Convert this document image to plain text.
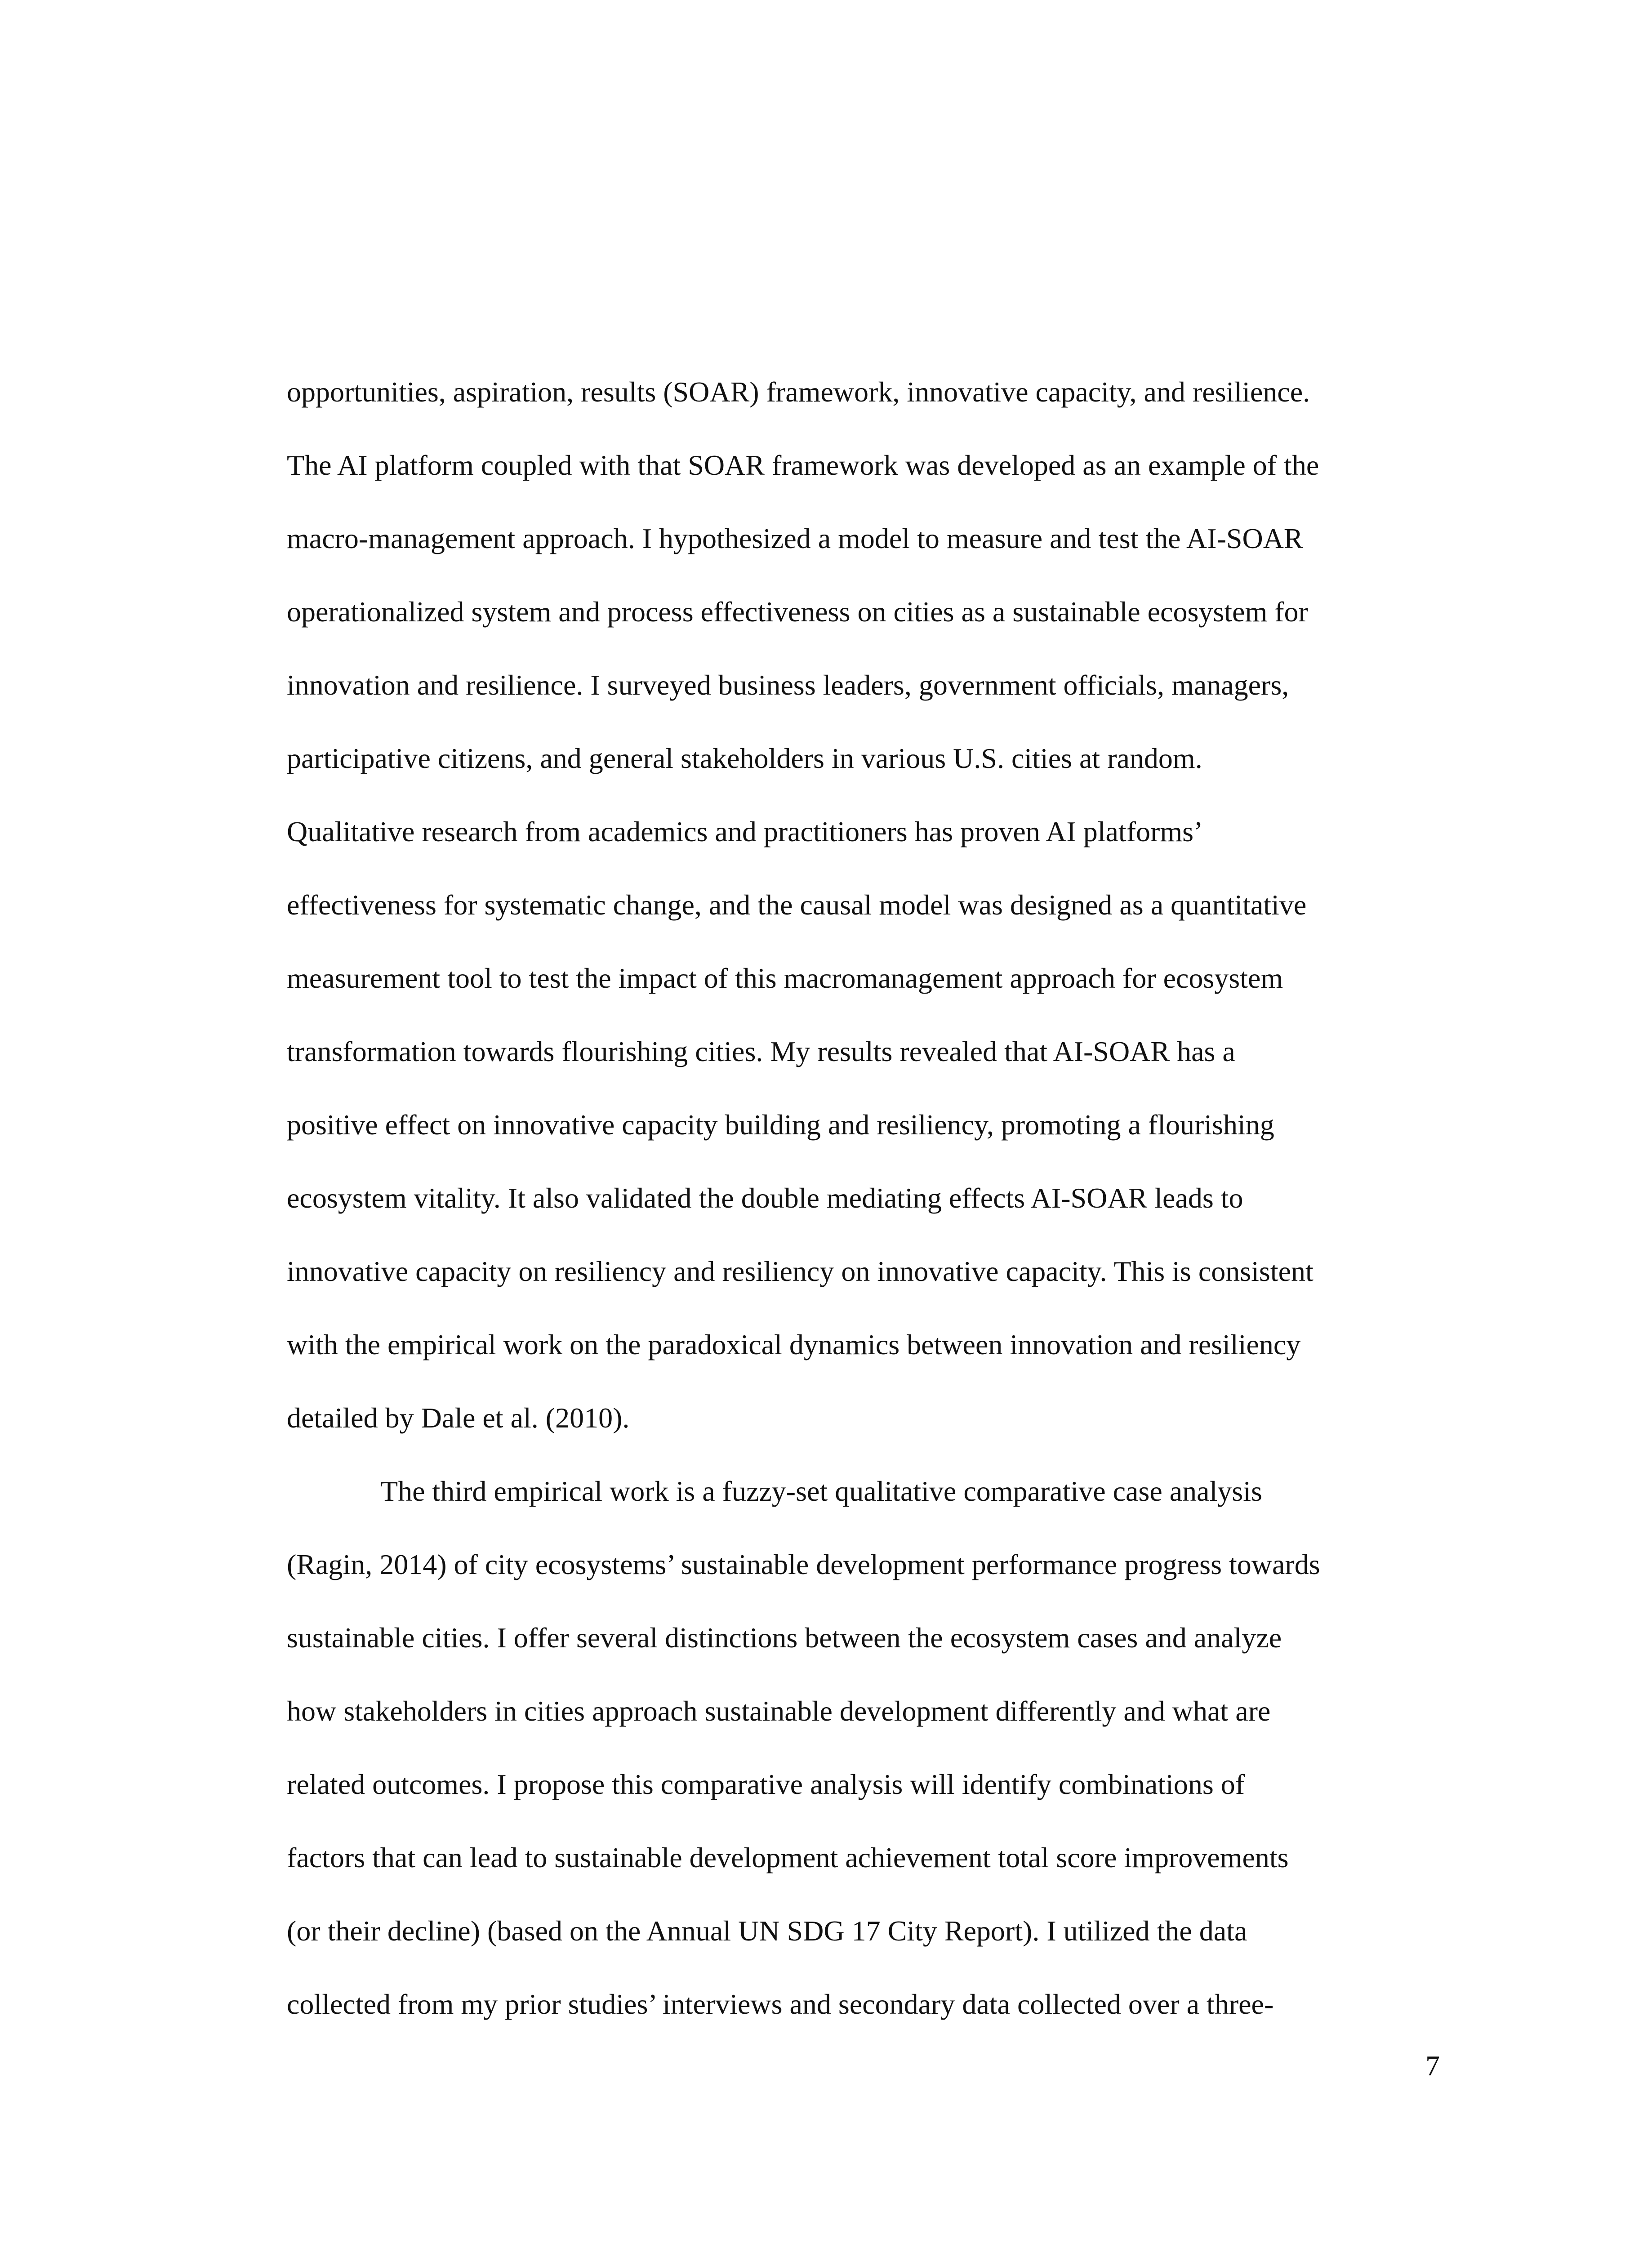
opportunities, aspiration, results (SOAR) framework, innovative capacity, and resilience.
The AI platform coupled with that SOAR framework was developed as an example of the
macro-management approach. I hypothesized a model to measure and test the AI-SOAR
operationalized system and process effectiveness on cities as a sustainable ecosystem for
innovation and resilience. I surveyed business leaders, government officials, managers,
participative citizens, and general stakeholders in various U.S. cities at random.
Qualitative research from academics and practitioners has proven AI platforms’
effectiveness for systematic change, and the causal model was designed as a quantitative
measurement tool to test the impact of this macromanagement approach for ecosystem
transformation towards flourishing cities. My results revealed that AI-SOAR has a
positive effect on innovative capacity building and resiliency, promoting a flourishing
ecosystem vitality. It also validated the double mediating effects AI-SOAR leads to
innovative capacity on resiliency and resiliency on innovative capacity. This is consistent
with the empirical work on the paradoxical dynamics between innovation and resiliency
detailed by Dale et al. (2010).
The third empirical work is a fuzzy-set qualitative comparative case analysis
(Ragin, 2014) of city ecosystems’ sustainable development performance progress towards
sustainable cities. I offer several distinctions between the ecosystem cases and analyze
how stakeholders in cities approach sustainable development differently and what are
related outcomes. I propose this comparative analysis will identify combinations of
factors that can lead to sustainable development achievement total score improvements
(or their decline) (based on the Annual UN SDG 17 City Report). I utilized the data
collected from my prior studies’ interviews and secondary data collected over a three-
7
